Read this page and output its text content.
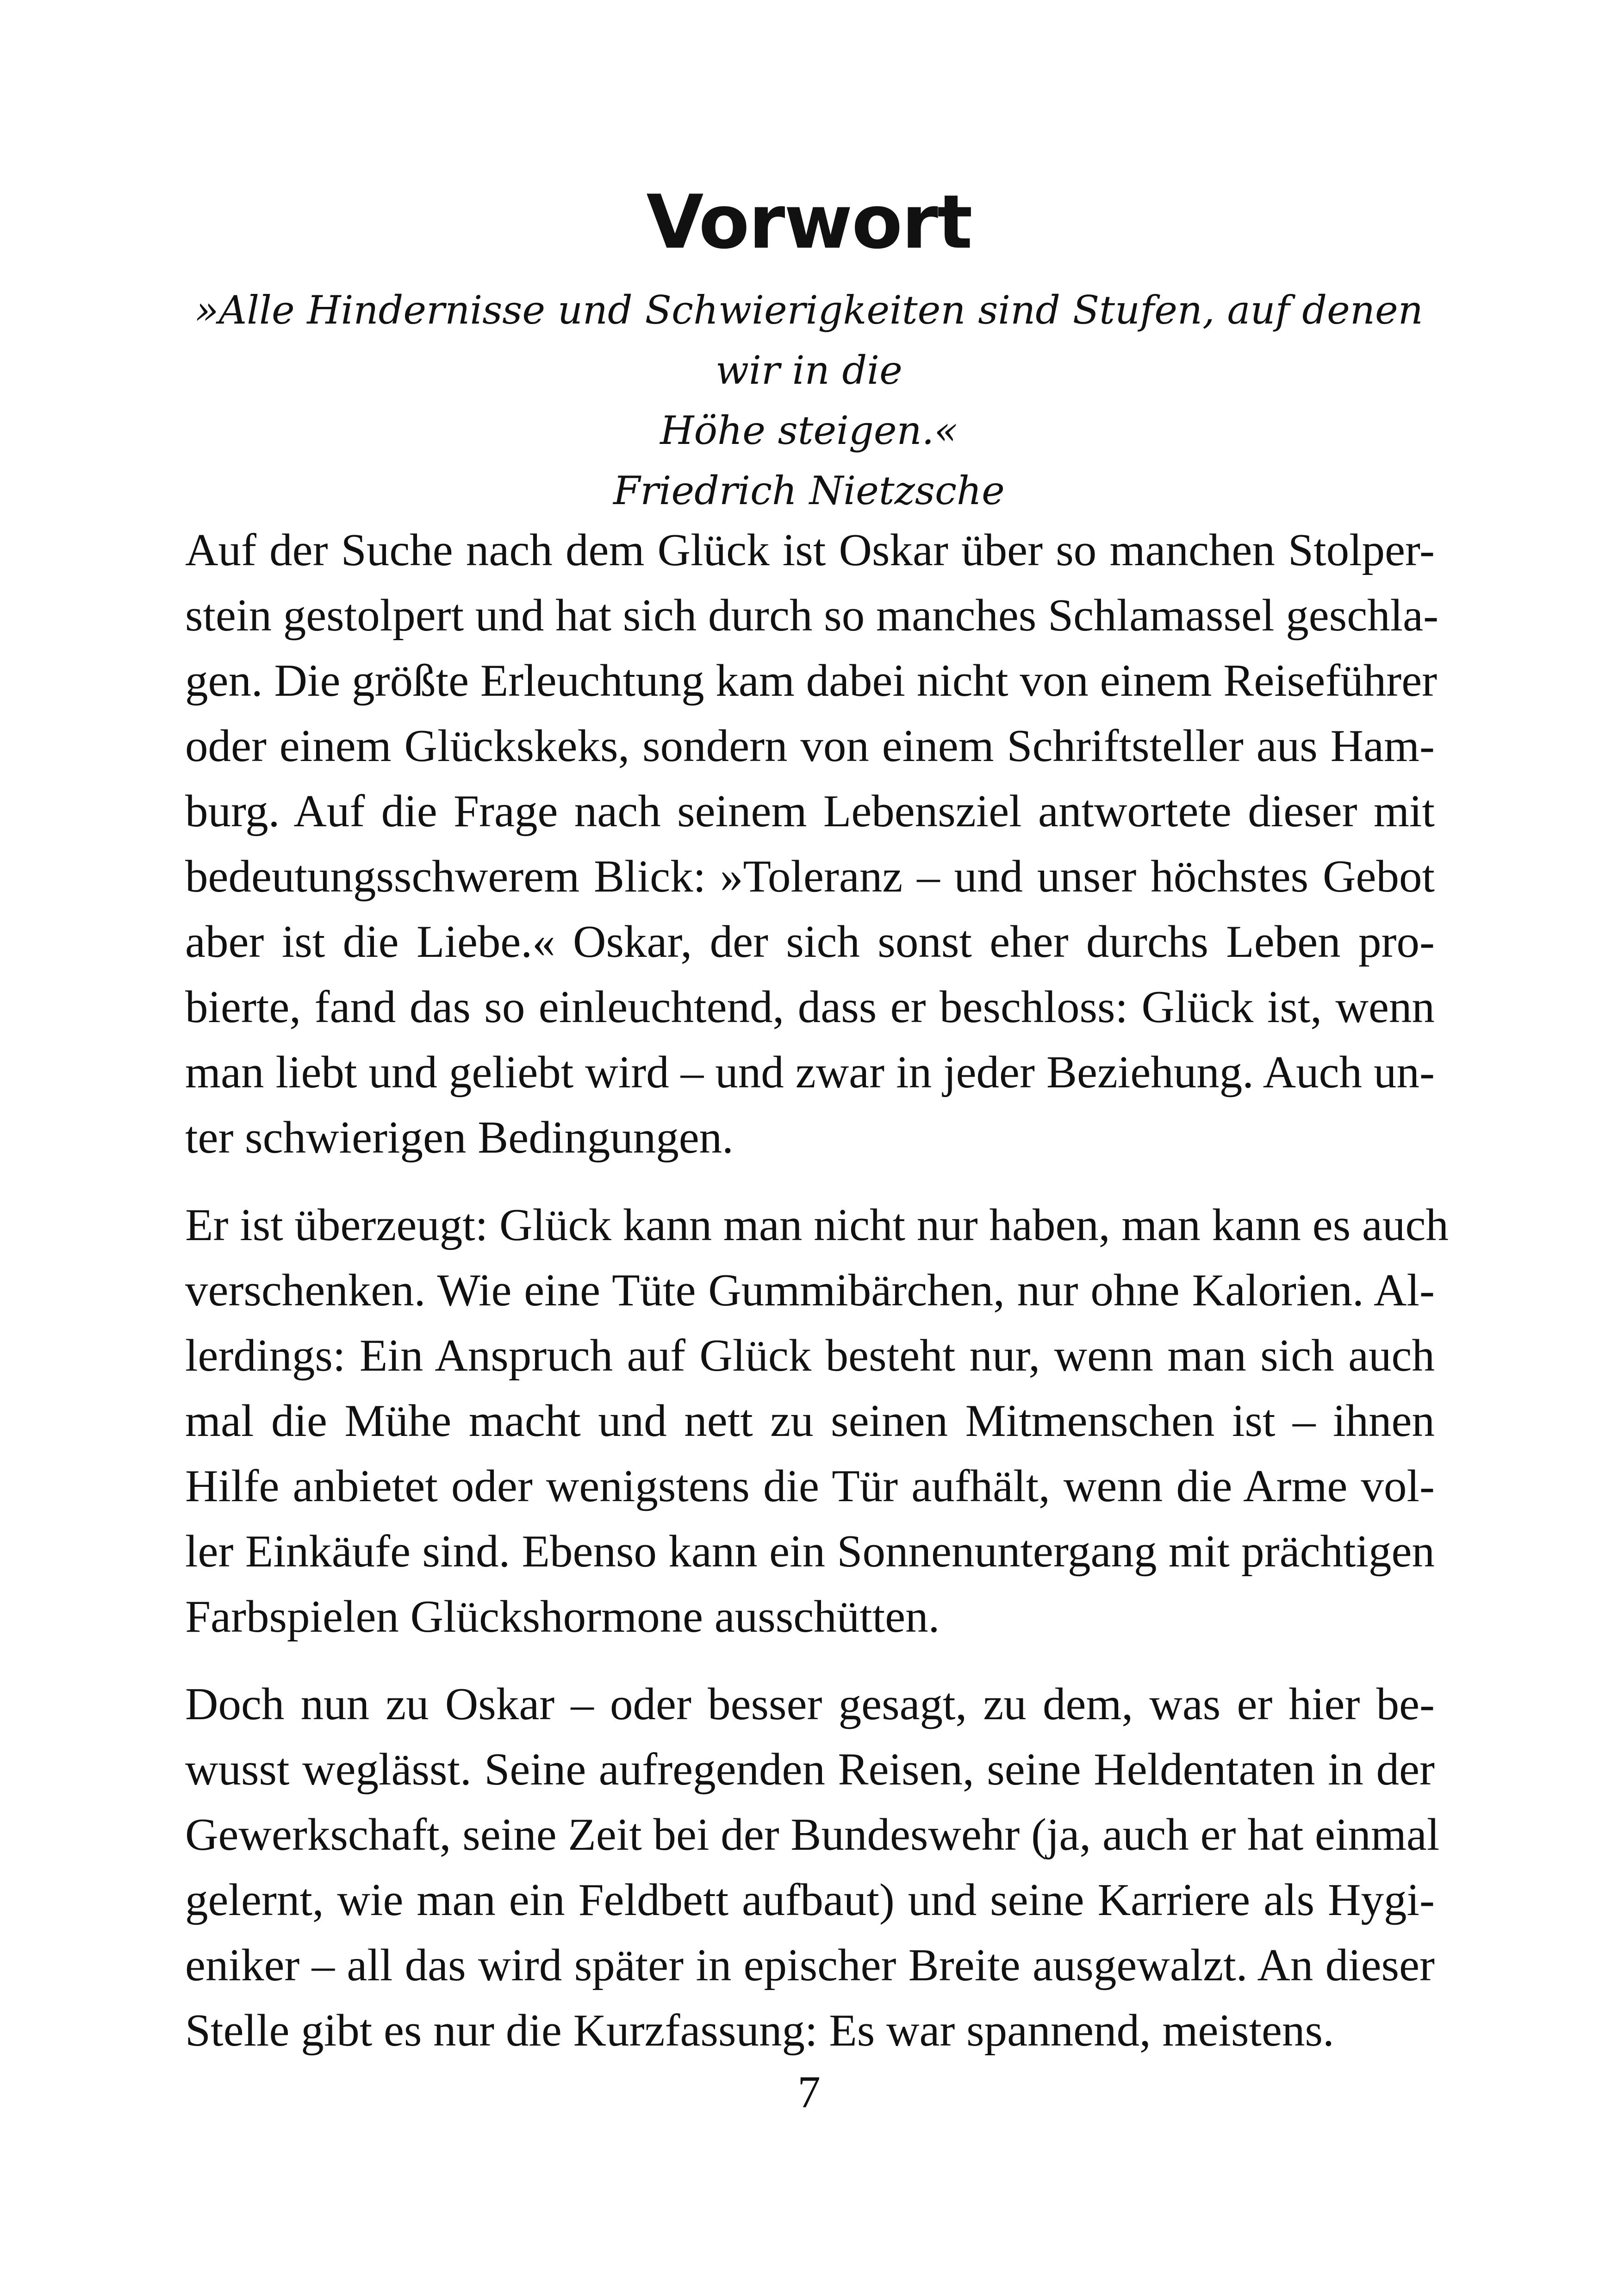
Vorwort

»Alle Hindernisse und Schwierigkeiten sind Stufen, auf denen wir in die

Höhe steigen.«

Friedrich Nietzsche

Auf der Suche nach dem Glück ist Oskar über so manchen Stolper-
stein gestolpert und hat sich durch so manches Schlamassel geschla-
gen. Die größte Erleuchtung kam dabei nicht von einem Reiseführer
oder einem Glückskeks, sondern von einem Schriftsteller aus Ham-
burg. Auf die Frage nach seinem Lebensziel antwortete dieser mit
bedeutungsschwerem Blick: »Toleranz – und unser höchstes Gebot
aber ist die Liebe.« Oskar, der sich sonst eher durchs Leben pro-
bierte, fand das so einleuchtend, dass er beschloss: Glück ist, wenn
man liebt und geliebt wird – und zwar in jeder Beziehung. Auch un-
ter schwierigen Bedingungen.

Er ist überzeugt: Glück kann man nicht nur haben, man kann es auch
verschenken. Wie eine Tüte Gummibärchen, nur ohne Kalorien. Al-
lerdings: Ein Anspruch auf Glück besteht nur, wenn man sich auch
mal die Mühe macht und nett zu seinen Mitmenschen ist – ihnen
Hilfe anbietet oder wenigstens die Tür aufhält, wenn die Arme vol-
ler Einkäufe sind. Ebenso kann ein Sonnenuntergang mit prächtigen
Farbspielen Glückshormone ausschütten.

Doch nun zu Oskar – oder besser gesagt, zu dem, was er hier be-
wusst weglässt. Seine aufregenden Reisen, seine Heldentaten in der
Gewerkschaft, seine Zeit bei der Bundeswehr (ja, auch er hat einmal
gelernt, wie man ein Feldbett aufbaut) und seine Karriere als Hygi-
eniker – all das wird später in epischer Breite ausgewalzt. An dieser
Stelle gibt es nur die Kurzfassung: Es war spannend, meistens.

7
